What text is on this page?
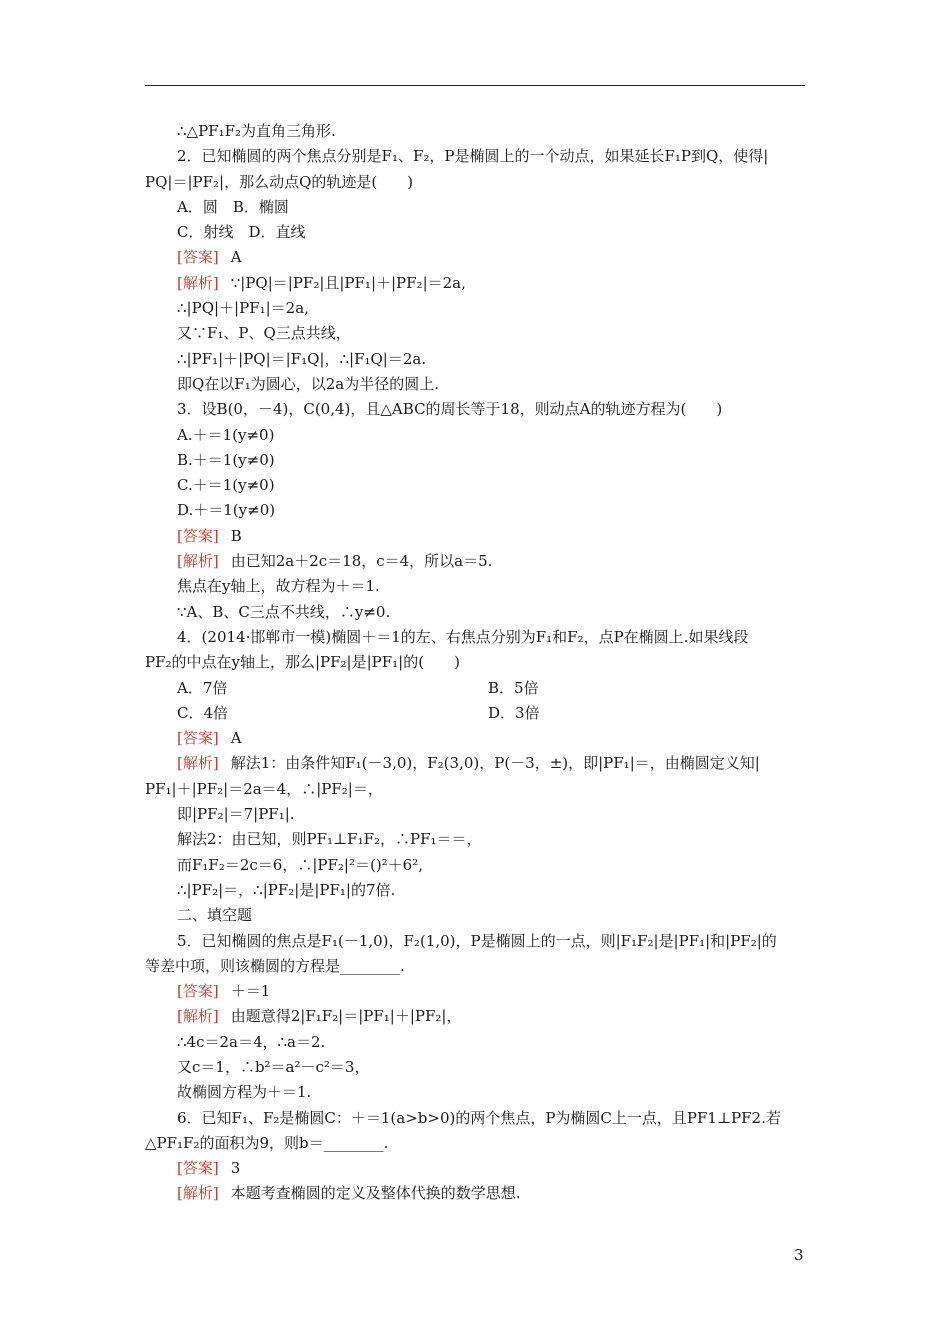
∴△PF₁F₂为直角三角形.
2．已知椭圆的两个焦点分别是F₁、F₂，P是椭圆上的一个动点，如果延长F₁P到Q，使得|
PQ|＝|PF₂|，那么动点Q的轨迹是(　　)
A．圆　B．椭圆
C．射线　D．直线
[答案] A
[解析] ∵|PQ|＝|PF₂|且|PF₁|＋|PF₂|＝2a,
∴|PQ|＋|PF₁|＝2a,
又∵F₁、P、Q三点共线，
∴|PF₁|＋|PQ|＝|F₁Q|，∴|F₁Q|＝2a.
即Q在以F₁为圆心，以2a为半径的圆上.
3．设B(0，－4)，C(0,4)，且△ABC的周长等于18，则动点A的轨迹方程为(　　)
A.＋＝1(y≠0)
B.＋＝1(y≠0)
C.＋＝1(y≠0)
D.＋＝1(y≠0)
[答案] B
[解析] 由已知2a＋2c＝18，c＝4，所以a＝5.
焦点在y轴上，故方程为＋＝1.
∵A、B、C三点不共线，∴y≠0.
4．(2014·邯郸市一模)椭圆＋＝1的左、右焦点分别为F₁和F₂，点P在椭圆上.如果线段
PF₂的中点在y轴上，那么|PF₂|是|PF₁|的(　　)
A．7倍	B．5倍
C．4倍	D．3倍
[答案] A
[解析] 解法1：由条件知F₁(－3,0)，F₂(3,0)，P(－3，±)，即|PF₁|＝，由椭圆定义知|
PF₁|＋|PF₂|＝2a＝4，∴|PF₂|＝，
即|PF₂|＝7|PF₁|.
解法2：由已知，则PF₁⊥F₁F₂，∴PF₁＝＝，
而F₁F₂＝2c＝6，∴|PF₂|²＝()²＋6²,
∴|PF₂|＝，∴|PF₂|是|PF₁|的7倍.
二、填空题
5．已知椭圆的焦点是F₁(－1,0)，F₂(1,0)，P是椭圆上的一点，则|F₁F₂|是|PF₁|和|PF₂|的
等差中项，则该椭圆的方程是________.
[答案] ＋＝1
[解析] 由题意得2|F₁F₂|＝|PF₁|＋|PF₂|，
∴4c＝2a＝4，∴a＝2.
又c＝1，∴b²＝a²－c²＝3，
故椭圆方程为＋＝1.
6．已知F₁、F₂是椭圆C：＋＝1(a>b>0)的两个焦点，P为椭圆C上一点，且PF1⊥PF2.若
△PF₁F₂的面积为9，则b＝________.
[答案] 3
[解析] 本题考查椭圆的定义及整体代换的数学思想.
3
